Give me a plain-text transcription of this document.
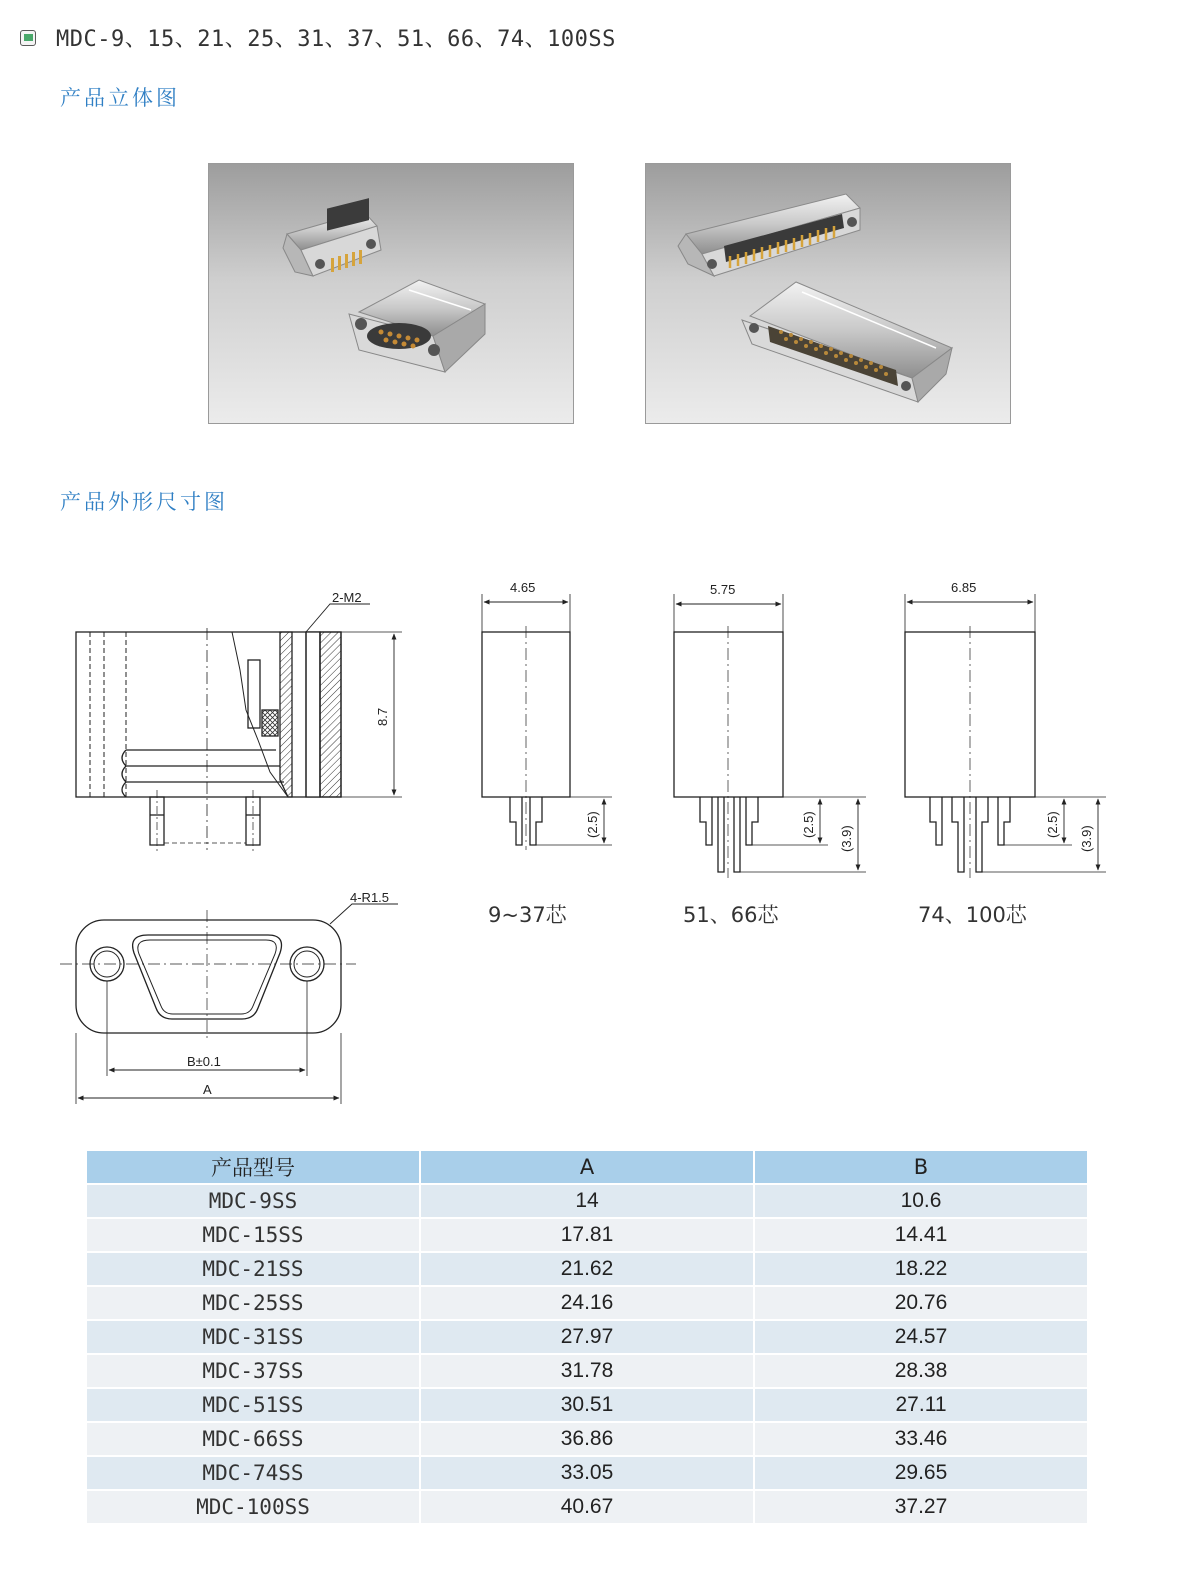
MDC-9、15、21、25、31、37、51、66、74、100SS
产品立体图
产品外形尺寸图
2-M2
8.7
4-R1.5
B±0.1
A
4.65
(2.5)
5.75
(2.5)
(3.9)
6.85
(2.5)
(3.9)
9~37芯	51、66芯	74、100芯
产品型号	A	B
MDC-9SS	14	10.6
MDC-15SS	17.81	14.41
MDC-21SS	21.62	18.22
MDC-25SS	24.16	20.76
MDC-31SS	27.97	24.57
MDC-37SS	31.78	28.38
MDC-51SS	30.51	27.11
MDC-66SS	36.86	33.46
MDC-74SS	33.05	29.65
MDC-100SS	40.67	37.27
